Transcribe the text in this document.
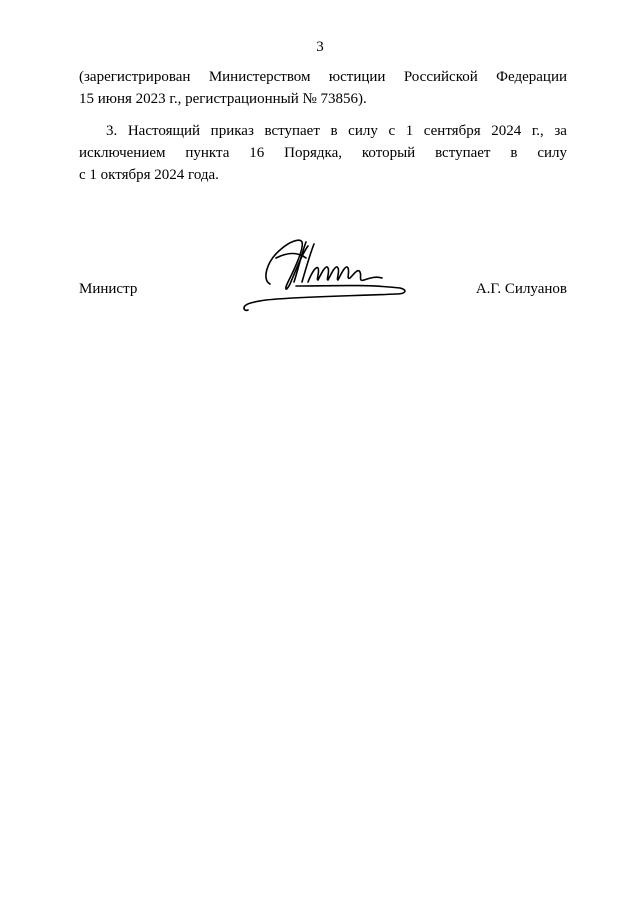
3
(зарегистрирован Министерством юстиции Российской Федерации
15 июня 2023 г., регистрационный № 73856).
3. Настоящий приказ вступает в силу с 1 сентября 2024 г., за
исключением пункта 16 Порядка, который вступает в силу
с 1 октября 2024 года.
Министр	А.Г. Силуанов
